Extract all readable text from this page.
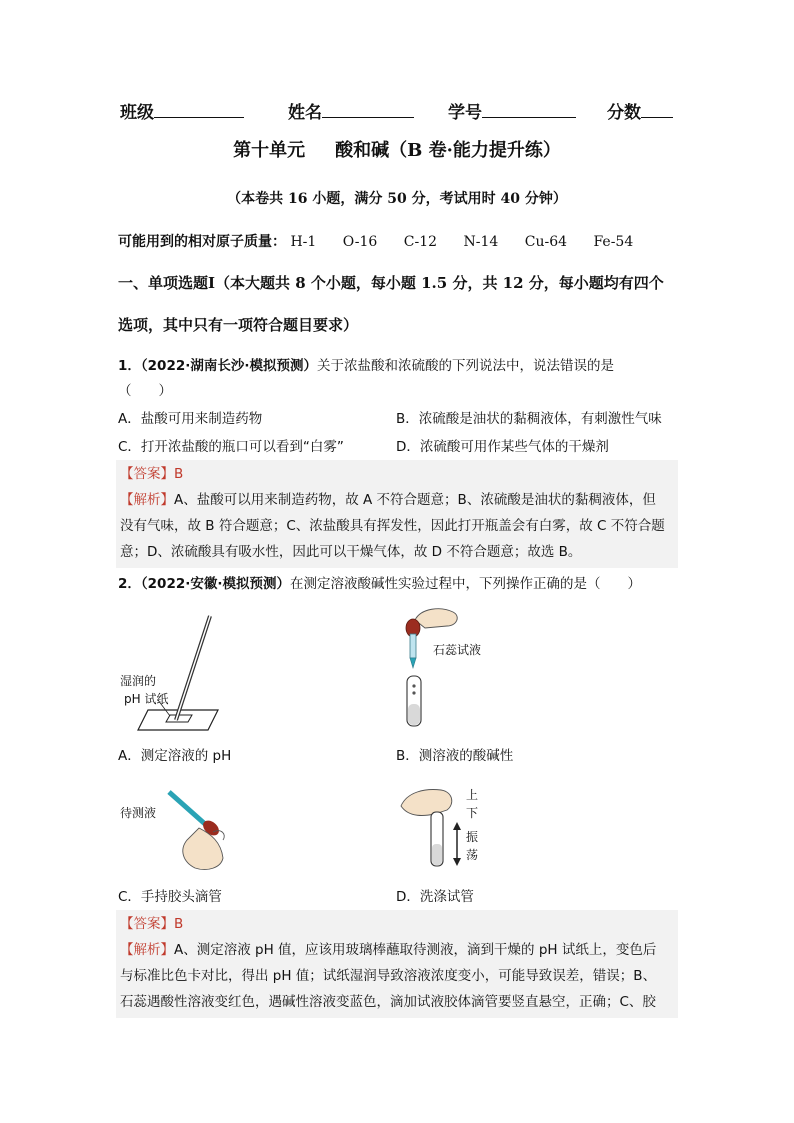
班级	姓名	学号	分数
第十单元 酸和碱（B 卷·能力提升练）
（本卷共 16 小题，满分 50 分，考试用时 40 分钟）
可能用到的相对原子质量： H-1 O-16 C-12 N-14 Cu-64 Fe-54
一、单项选题Ⅰ（本大题共 8 个小题，每小题 1.5 分，共 12 分，每小题均有四个
选项，其中只有一项符合题目要求）
1．（2022·湖南长沙·模拟预测）关于浓盐酸和浓硫酸的下列说法中，说法错误的是
（　　）
A．盐酸可用来制造药物	B．浓硫酸是油状的黏稠液体，有刺激性气味
C．打开浓盐酸的瓶口可以看到“白雾”	D．浓硫酸可用作某些气体的干燥剂
【答案】B
【解析】A、盐酸可以用来制造药物，故 A 不符合题意；B、浓硫酸是油状的黏稠液体，但
没有气味，故 B 符合题意；C、浓盐酸具有挥发性，因此打开瓶盖会有白雾，故 C 不符合题
意；D、浓硫酸具有吸水性，因此可以干燥气体，故 D 不符合题意；故选 B。
2．（2022·安徽·模拟预测）在测定溶液酸碱性实验过程中，下列操作正确的是（　　）
湿润的
pH 试纸
石蕊试液
待测液
上
下
振
荡
A．测定溶液的 pH	B．测溶液的酸碱性
C．手持胶头滴管	D．洗涤试管
【答案】B
【解析】A、测定溶液 pH 值，应该用玻璃棒蘸取待测液，滴到干燥的 pH 试纸上，变色后
与标准比色卡对比，得出 pH 值；试纸湿润导致溶液浓度变小，可能导致误差，错误；B、
石蕊遇酸性溶液变红色，遇碱性溶液变蓝色，滴加试液胶体滴管要竖直悬空，正确；C、胶
